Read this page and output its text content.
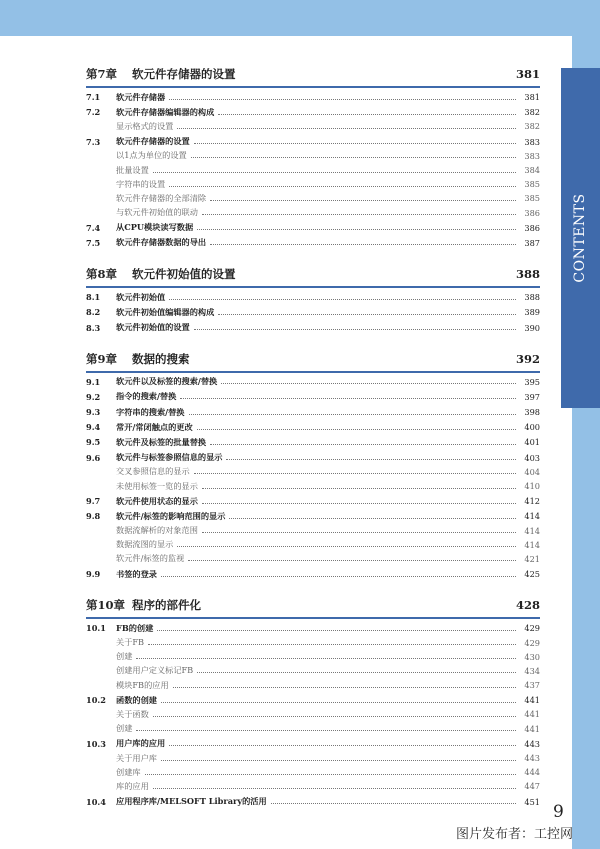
CONTENTS
第7章	软元件存储器的设置	381
7.1	软元件存储器	381
7.2	软元件存储器编辑器的构成	382
显示格式的设置	382
7.3	软元件存储器的设置	383
以1点为单位的设置	383
批量设置	384
字符串的设置	385
软元件存储器的全部清除	385
与软元件初始值的联动	386
7.4	从CPU模块读写数据	386
7.5	软元件存储器数据的导出	387
第8章	软元件初始值的设置	388
8.1	软元件初始值	388
8.2	软元件初始值编辑器的构成	389
8.3	软元件初始值的设置	390
第9章	数据的搜索	392
9.1	软元件以及标签的搜索/替换	395
9.2	指令的搜索/替换	397
9.3	字符串的搜索/替换	398
9.4	常开/常闭触点的更改	400
9.5	软元件及标签的批量替换	401
9.6	软元件与标签参照信息的显示	403
交叉参照信息的显示	404
未使用标签一览的显示	410
9.7	软元件使用状态的显示	412
9.8	软元件/标签的影响范围的显示	414
数据流解析的对象范围	414
数据流图的显示	414
软元件/标签的监视	421
9.9	书签的登录	425
第10章 程序的部件化	428
10.1	FB的创建	429
关于FB	429
创建	430
创建用户定义标记FB	434
模块FB的应用	437
10.2	函数的创建	441
关于函数	441
创建	441
10.3	用户库的应用	443
关于用户库	443
创建库	444
库的应用	447
10.4	应用程序库/MELSOFT Library的活用	451
9
图片发布者：工控网
